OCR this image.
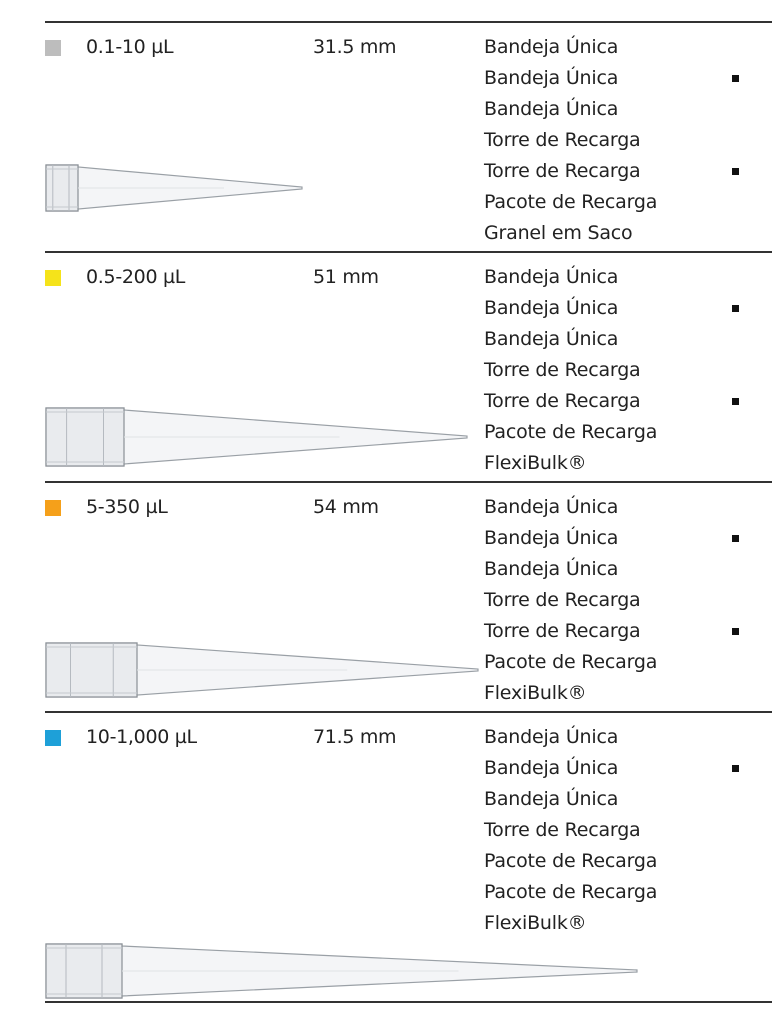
0.1-10 µL	31.5 mm	Bandeja Única
Bandeja Única
Bandeja Única
Torre de Recarga
Torre de Recarga
Pacote de Recarga
Granel em Saco
0.5-200 µL	51 mm	Bandeja Única
Bandeja Única
Bandeja Única
Torre de Recarga
Torre de Recarga
Pacote de Recarga
FlexiBulk®
5-350 µL	54 mm	Bandeja Única
Bandeja Única
Bandeja Única
Torre de Recarga
Torre de Recarga
Pacote de Recarga
FlexiBulk®
10-1,000 µL	71.5 mm	Bandeja Única
Bandeja Única
Bandeja Única
Torre de Recarga
Pacote de Recarga
Pacote de Recarga
FlexiBulk®
